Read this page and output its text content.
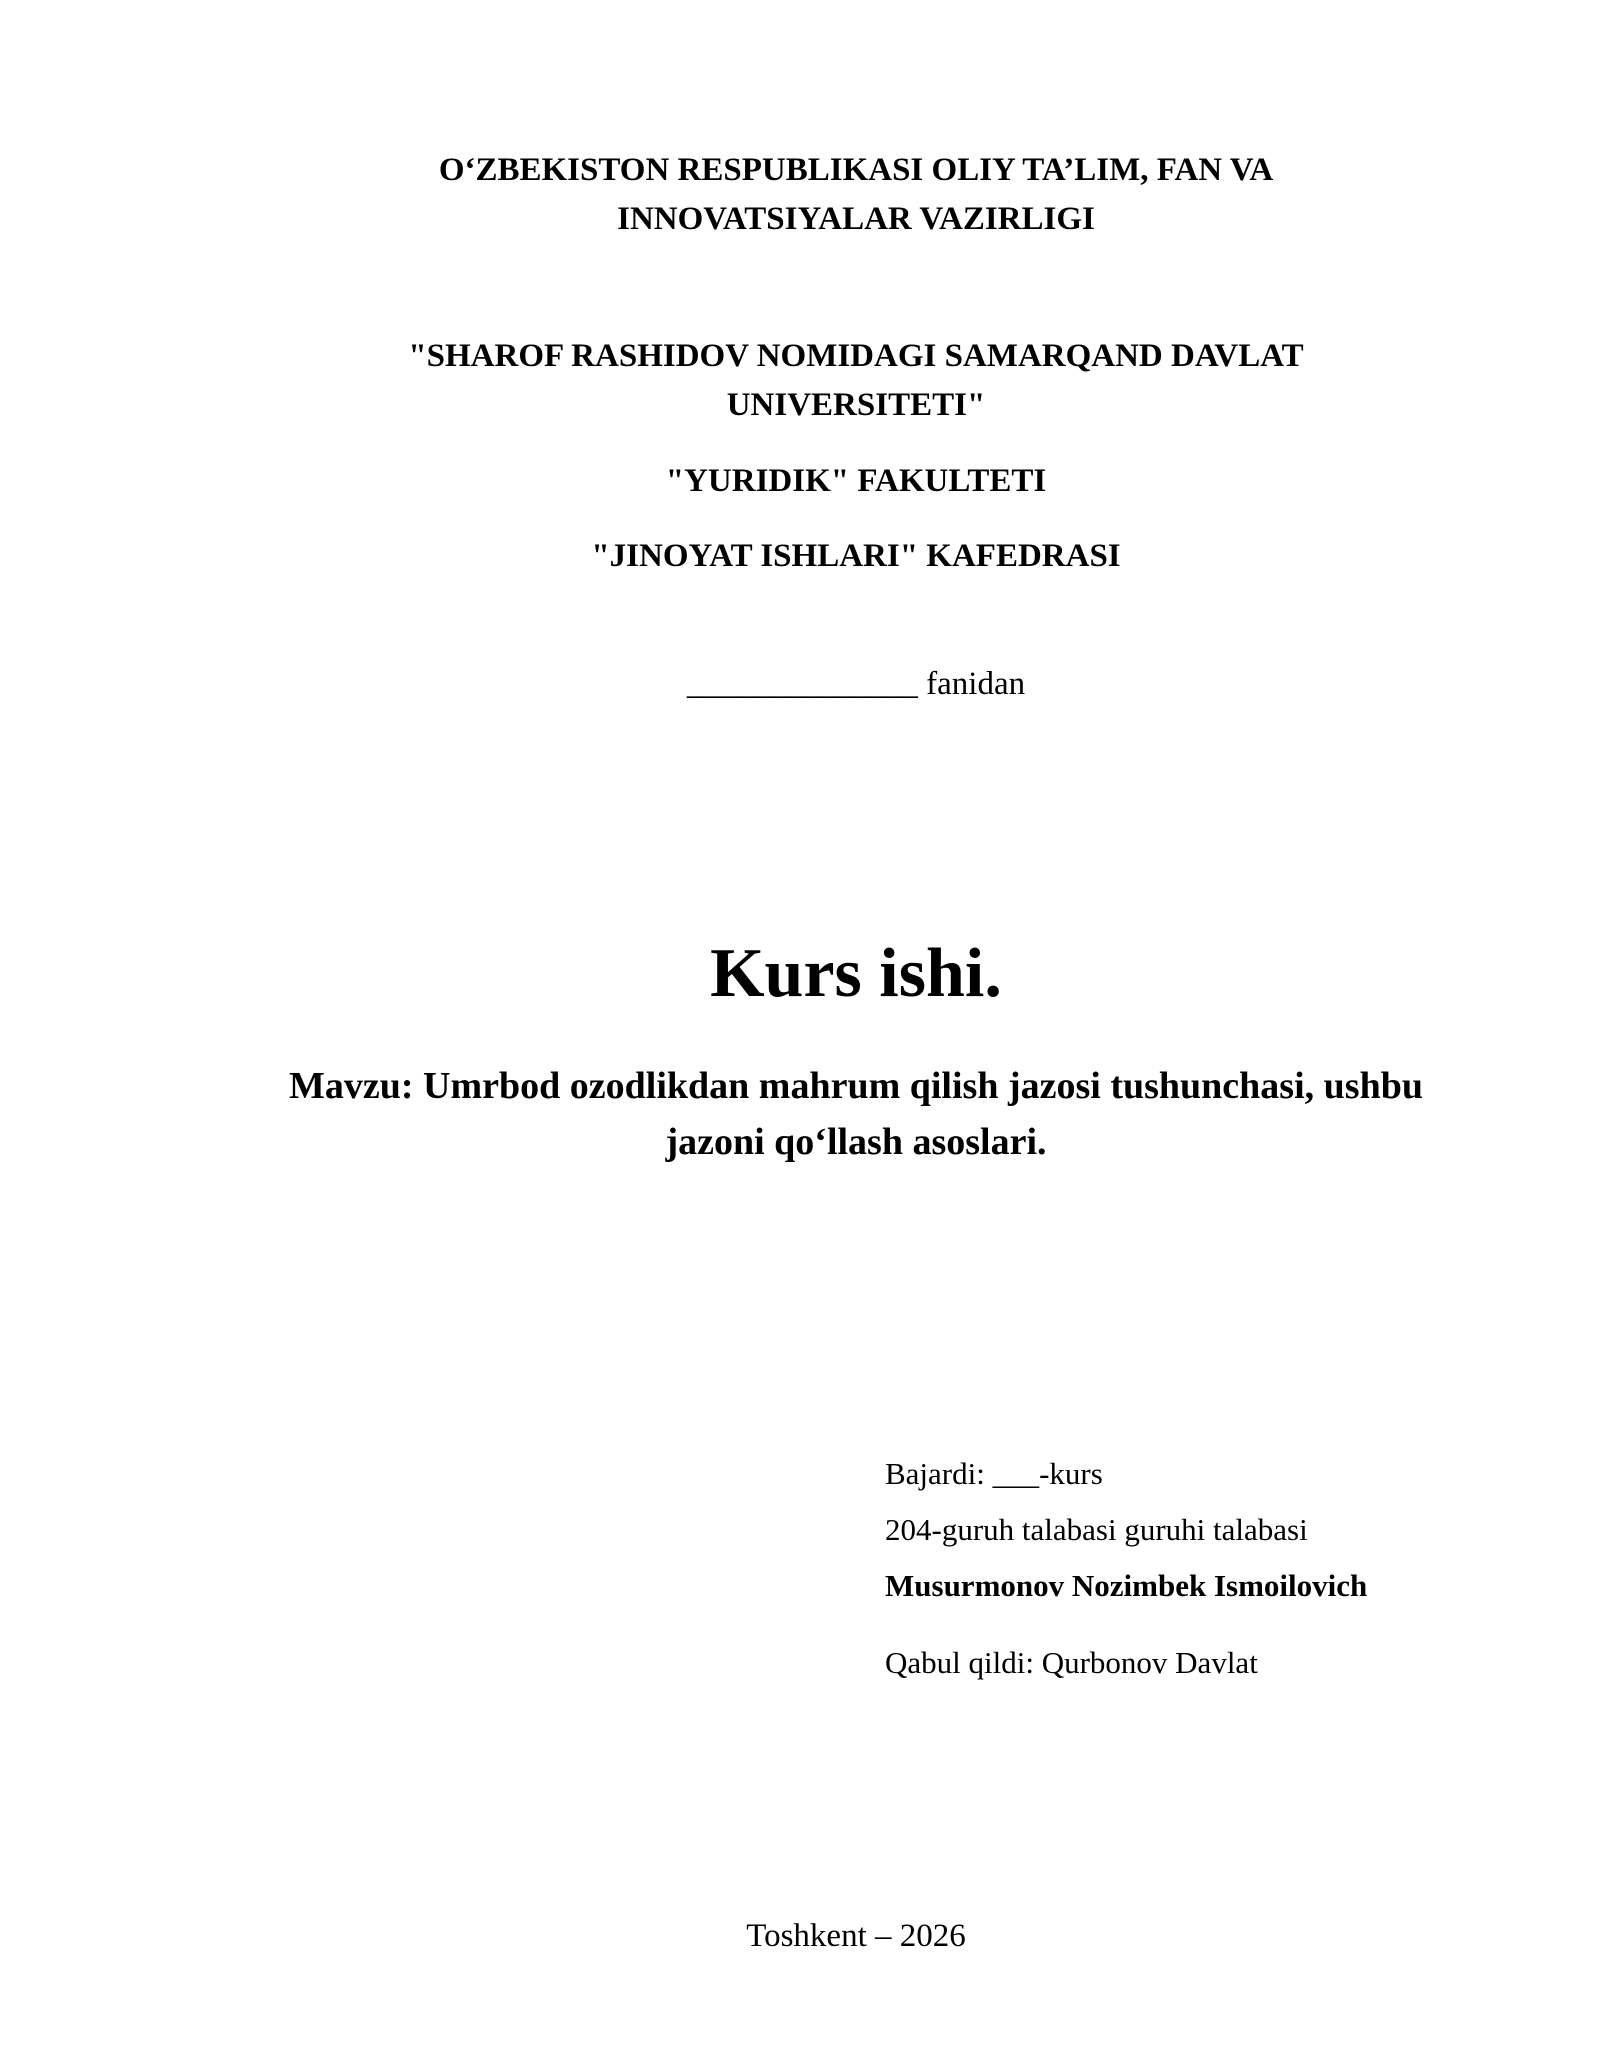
O‘ZBEKISTON RESPUBLIKASI OLIY TA’LIM, FAN VA
INNOVATSIYALAR VAZIRLIGI
"SHAROF RASHIDOV NOMIDAGI SAMARQAND DAVLAT
UNIVERSITETI"
"YURIDIK" FAKULTETI
"JINOYAT ISHLARI" KAFEDRASI
______________ fanidan
Kurs ishi.
Mavzu: Umrbod ozodlikdan mahrum qilish jazosi tushunchasi, ushbu
jazoni qo‘llash asoslari.
Bajardi: ___-kurs
204-guruh talabasi guruhi talabasi
Musurmonov Nozimbek Ismoilovich
Qabul qildi: Qurbonov Davlat
Toshkent – 2026
